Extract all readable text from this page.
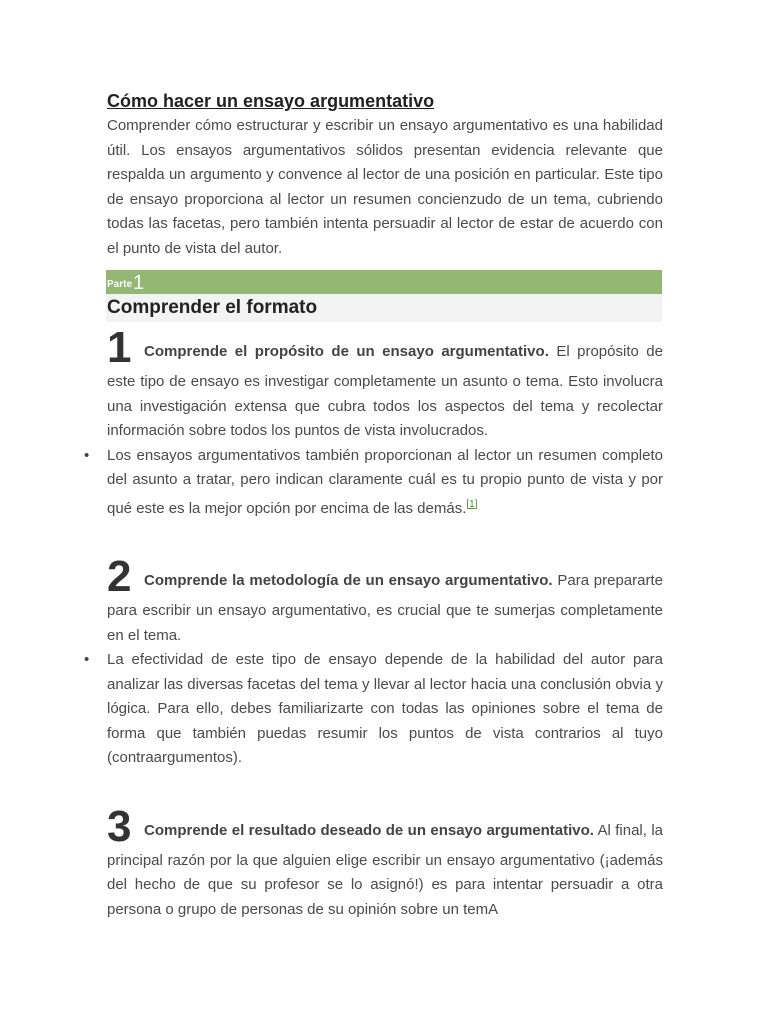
Cómo hacer un ensayo argumentativo

Comprender cómo estructurar y escribir un ensayo argumentativo es una habilidad útil. Los ensayos argumentativos sólidos presentan evidencia relevante que respalda un argumento y convence al lector de una posición en particular. Este tipo de ensayo proporciona al lector un resumen concienzudo de un tema, cubriendo todas las facetas, pero también intenta persuadir al lector de estar de acuerdo con el punto de vista del autor.

Parte 1
Comprender el formato

1 Comprende el propósito de un ensayo argumentativo. El propósito de este tipo de ensayo es investigar completamente un asunto o tema. Esto involucra una investigación extensa que cubra todos los aspectos del tema y recolectar información sobre todos los puntos de vista involucrados.

• Los ensayos argumentativos también proporcionan al lector un resumen completo del asunto a tratar, pero indican claramente cuál es tu propio punto de vista y por qué este es la mejor opción por encima de las demás.[1]

2 Comprende la metodología de un ensayo argumentativo. Para prepararte para escribir un ensayo argumentativo, es crucial que te sumerjas completamente en el tema.

• La efectividad de este tipo de ensayo depende de la habilidad del autor para analizar las diversas facetas del tema y llevar al lector hacia una conclusión obvia y lógica. Para ello, debes familiarizarte con todas las opiniones sobre el tema de forma que también puedas resumir los puntos de vista contrarios al tuyo (contraargumentos).

3 Comprende el resultado deseado de un ensayo argumentativo. Al final, la principal razón por la que alguien elige escribir un ensayo argumentativo (¡además del hecho de que su profesor se lo asignó!) es para intentar persuadir a otra persona o grupo de personas de su opinión sobre un temA
